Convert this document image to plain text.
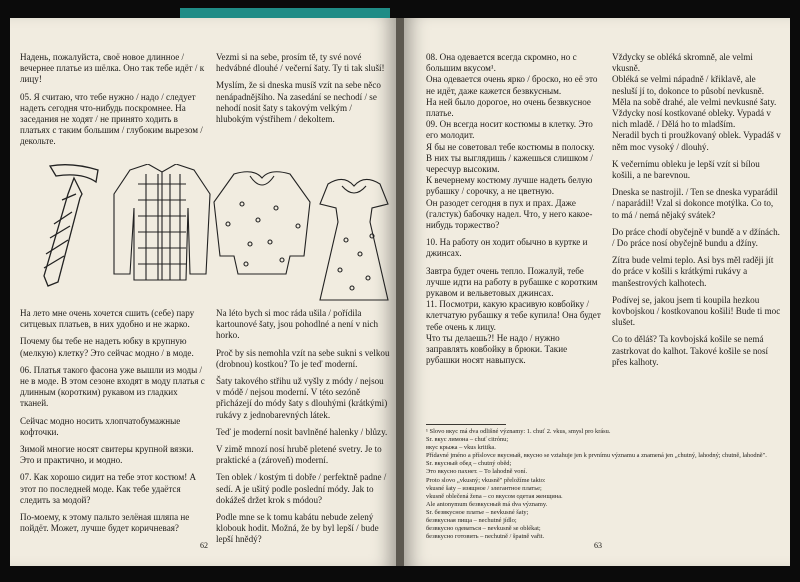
Надень, пожалуйста, своё новое длинное / вечернее платье из шёлка. Оно так тебе идёт / к лицу!

05. Я считаю, что тебе нужно / надо / следует надеть сегодня что-нибудь поскромнее. На заседания не ходят / не принято ходить в платьях с таким большим / глубоким вырезом / декольте.

Vezmi si na sebe, prosím tě, ty své nové hedvábné dlouhé / večerní šaty. Ty ti tak sluší!

Myslím, že si dneska musíš vzít na sebe něco nenápadnějšího. Na zasedání se nechodí / se nehodí nosit šaty s takovým velkým / hlubokým výstřihem / dekoltem.

На лето мне очень хочется сшить (себе) пару ситцевых платьев, в них удобно и не жарко.

Почему бы тебе не надеть юбку в крупную (мелкую) клетку? Это сейчас модно / в моде.

06. Платья такого фасона уже вышли из моды / не в моде. В этом сезоне входят в моду платья с длинным (коротким) рукавом из гладких тканей.

Сейчас модно носить хлопчатобумажные кофточки.

Зимой многие носят свитеры крупной вязки. Это и практично, и модно.

07. Как хорошо сидит на тебе этот костюм! А этот по последней моде. Как тебе удаётся следить за модой?

По-моему, к этому пальто зелёная шляпа не пойдёт. Может, лучше будет коричневая?

Na léto bych si moc ráda ušila / pořídila kartounové šaty, jsou pohodlné a není v nich horko.

Proč by sis nemohla vzít na sebe sukni s velkou (drobnou) kostkou? To je teď moderní.

Šaty takového střihu už vyšly z módy / nejsou v módě / nejsou moderní. V této sezóně přicházejí do módy šaty s dlouhými (krátkými) rukávy z jednobarevných látek.

Teď je moderní nosit bavlněné halenky / blůzy.

V zimě mnozí nosí hrubě pletené svetry. Je to praktické a (zároveň) moderní.

Ten oblek / kostým ti dobře / perfektně padne / sedí. A je ušitý podle poslední módy. Jak to dokážeš držet krok s módou?

Podle mne se k tomu kabátu nebude zelený klobouk hodit. Možná, že by byl lepší / bude lepší hnědý?

62

08. Она одевается всегда скромно, но с большим вкусом¹.

Она одевается очень ярко / броско, но её это не идёт, даже кажется безвкусным.

На ней было дорогое, но очень безвкусное платье.

09. Он всегда носит костюмы в клетку. Это его молодит.

Я бы не советовал тебе костюмы в полоску. В них ты выглядишь / кажешься слишком / чересчур высоким.

К вечернему костюму лучше надеть белую рубашку / сорочку, а не цветную.

Он разодет сегодня в пух и прах. Даже (галстук) бабочку надел. Что, у него какое-нибудь торжество?

10. На работу он ходит обычно в куртке и джинсах.

Завтра будет очень тепло. Пожалуй, тебе лучше идти на работу в рубашке с коротким рукавом и вельветовых джинсах.

11. Посмотри, какую красивую ковбойку / клетчатую рубашку я тебе купила! Она будет тебе очень к лицу.

Что ты делаешь?! Не надо / нужно заправлять ковбойку в брюки. Такие рубашки носят навыпуск.

Vždycky se obléká skromně, ale velmi vkusně.

Obléká se velmi nápadně / křiklavě, ale nesluší jí to, dokonce to působí nevkusně.

Měla na sobě drahé, ale velmi nevkusné šaty.

Vždycky nosí kostkované obleky. Vypadá v nich mladě. / Dělá ho to mladším.

Neradil bych ti proužkovaný oblek. Vypadáš v něm moc vysoký / dlouhý.

K večernímu obleku je lepší vzít si bílou košili, a ne barevnou.

Dneska se nastrojil. / Ten se dneska vyparádil / naparádil! Vzal si dokonce motýlka. Co to, to má / nemá nějaký svátek?

Do práce chodí obyčejně v bundě a v džínách. / Do práce nosí obyčejně bundu a džíny.

Zítra bude velmi teplo. Asi bys měl raději jít do práce v košili s krátkými rukávy a manšestrových kalhotech.

Podívej se, jakou jsem ti koupila hezkou kovbojskou / kostkovanou košili! Bude ti moc slušet.

Co to děláš? Ta kovbojská košile se nemá zastrkovat do kalhot. Takové košile se nosí přes kalhoty.

¹ Slovo вкус má dva odlišné významy: 1. chuť 2. vkus, smysl pro krásu.

Sr. вкус лимона – chuť citrónu;

вкус крыжа – vkus kritika.

Přídavné jméno a příslovce вкусный, вкусно se vztahuje jen k prvnímu významu a znamená jen „chutný, lahodný; chutně, lahodně".

Sr. вкусный обед – chutný oběd;

Это вкусно пахнет. – To lahodně voní.

Proto slovo „vkusný; vkusně" přeložíme takto:

vkusné šaty – изящное / элегантное платье;

vkusně oblečená žena – со вкусом одетая женщина.

Ale antonymum безвкусный má dva významy.

Sr. безвкусное платье – nevkusné šaty;

безвкусная пища – nechutné jídlo;

безвкусно одеваться – nevkusně se oblékat;

безвкусно готовить – nechutně / špatně vařit.

63
